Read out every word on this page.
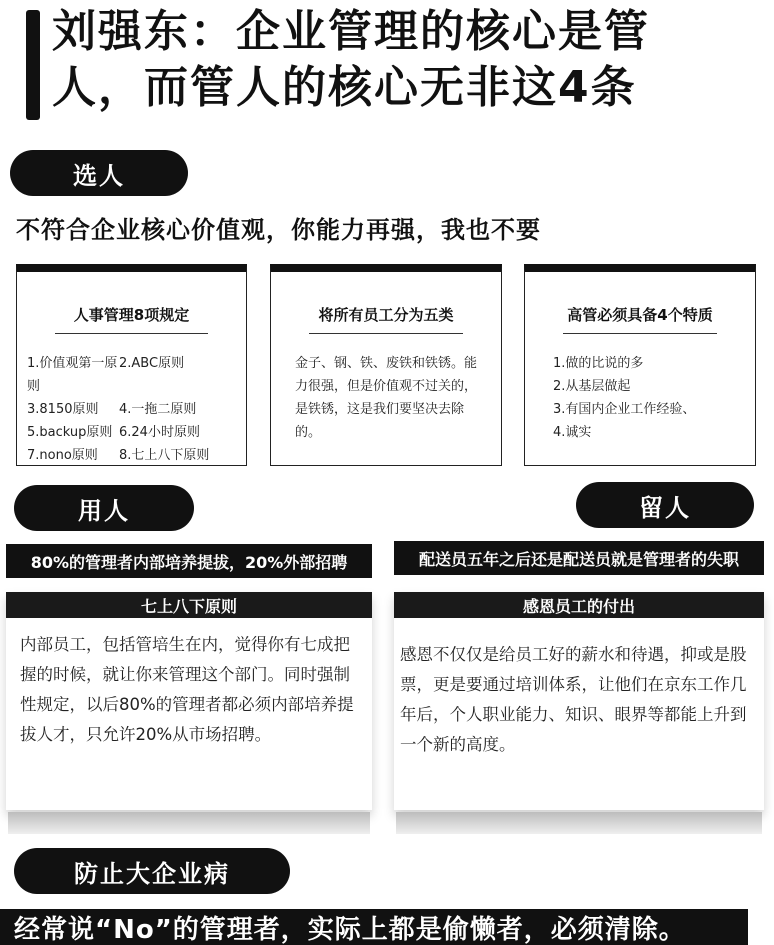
刘强东：企业管理的核心是管
人，而管人的核心无非这4条
选人
不符合企业核心价值观，你能力再强，我也不要
人事管理8项规定
1.价值观第一原则
2.ABC原则
3.8150原则	4.一拖二原则
5.backup原则 6.24小时原则
7.nono原则	8.七上八下原则
将所有员工分为五类
金子、钢、铁、废铁和铁锈。能力很强，但是价值观不过关的，是铁锈，这是我们要坚决去除的。
高管必须具备4个特质
1.做的比说的多
2.从基层做起
3.有国内企业工作经验、
4.诚实
用人
80%的管理者内部培养提拔，20%外部招聘
七上八下原则
内部员工，包括管培生在内，觉得你有七成把握的时候，就让你来管理这个部门。同时强制性规定，以后80%的管理者都必须内部培养提拔人才，只允许20%从市场招聘。
留人
配送员五年之后还是配送员就是管理者的失职
感恩员工的付出
感恩不仅仅是给员工好的薪水和待遇，抑或是股票，更是要通过培训体系，让他们在京东工作几年后，个人职业能力、知识、眼界等都能上升到一个新的高度。
防止大企业病
经常说“No”的管理者，实际上都是偷懒者，必须清除。
